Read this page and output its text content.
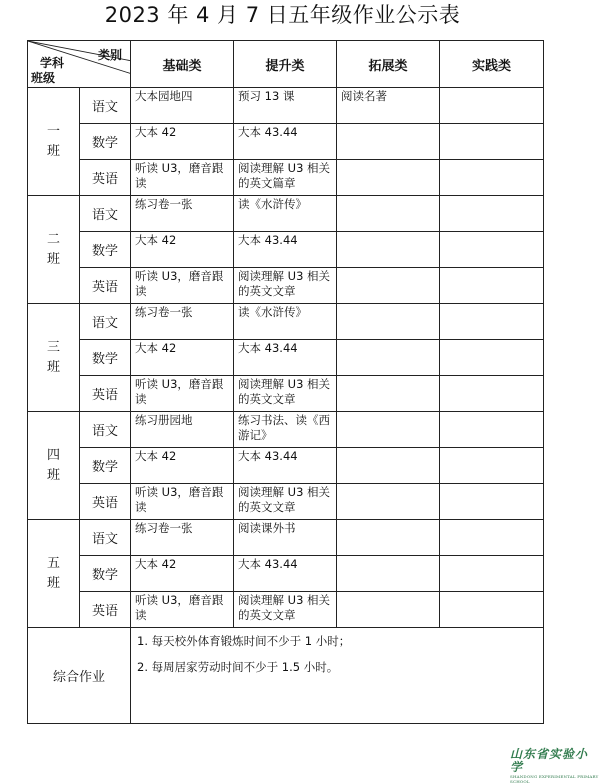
2023 年 4 月 7 日五年级作业公示表
类别
学科
班级		基础类	提升类	拓展类	实践类

一
班	语文	大本园地四	预习 13 课	阅读名著	
	数学	大本 42	大本 43.44		
	英语	听读 U3，磨音跟读	阅读理解 U3 相关的英文篇章		

二
班	语文	练习卷一张	读《水浒传》		
	数学	大本 42	大本 43.44		
	英语	听读 U3，磨音跟读	阅读理解 U3 相关的英文文章		

三
班	语文	练习卷一张	读《水浒传》		
	数学	大本 42	大本 43.44		
	英语	听读 U3，磨音跟读	阅读理解 U3 相关的英文文章		

四
班	语文	练习册园地	练习书法、读《西游记》		
	数学	大本 42	大本 43.44		
	英语	听读 U3，磨音跟读	阅读理解 U3 相关的英文文章		

五
班	语文	练习卷一张	阅读课外书		
	数学	大本 42	大本 43.44		
	英语	听读 U3，磨音跟读	阅读理解 U3 相关的英文文章		
综合作业		1. 每天校外体育锻炼时间不少于 1 小时；

2. 每周居家劳动时间不少于 1.5 小时。			

山东省实验小学
SHANDONG EXPERIMENTAL PRIMARY SCHOOL
